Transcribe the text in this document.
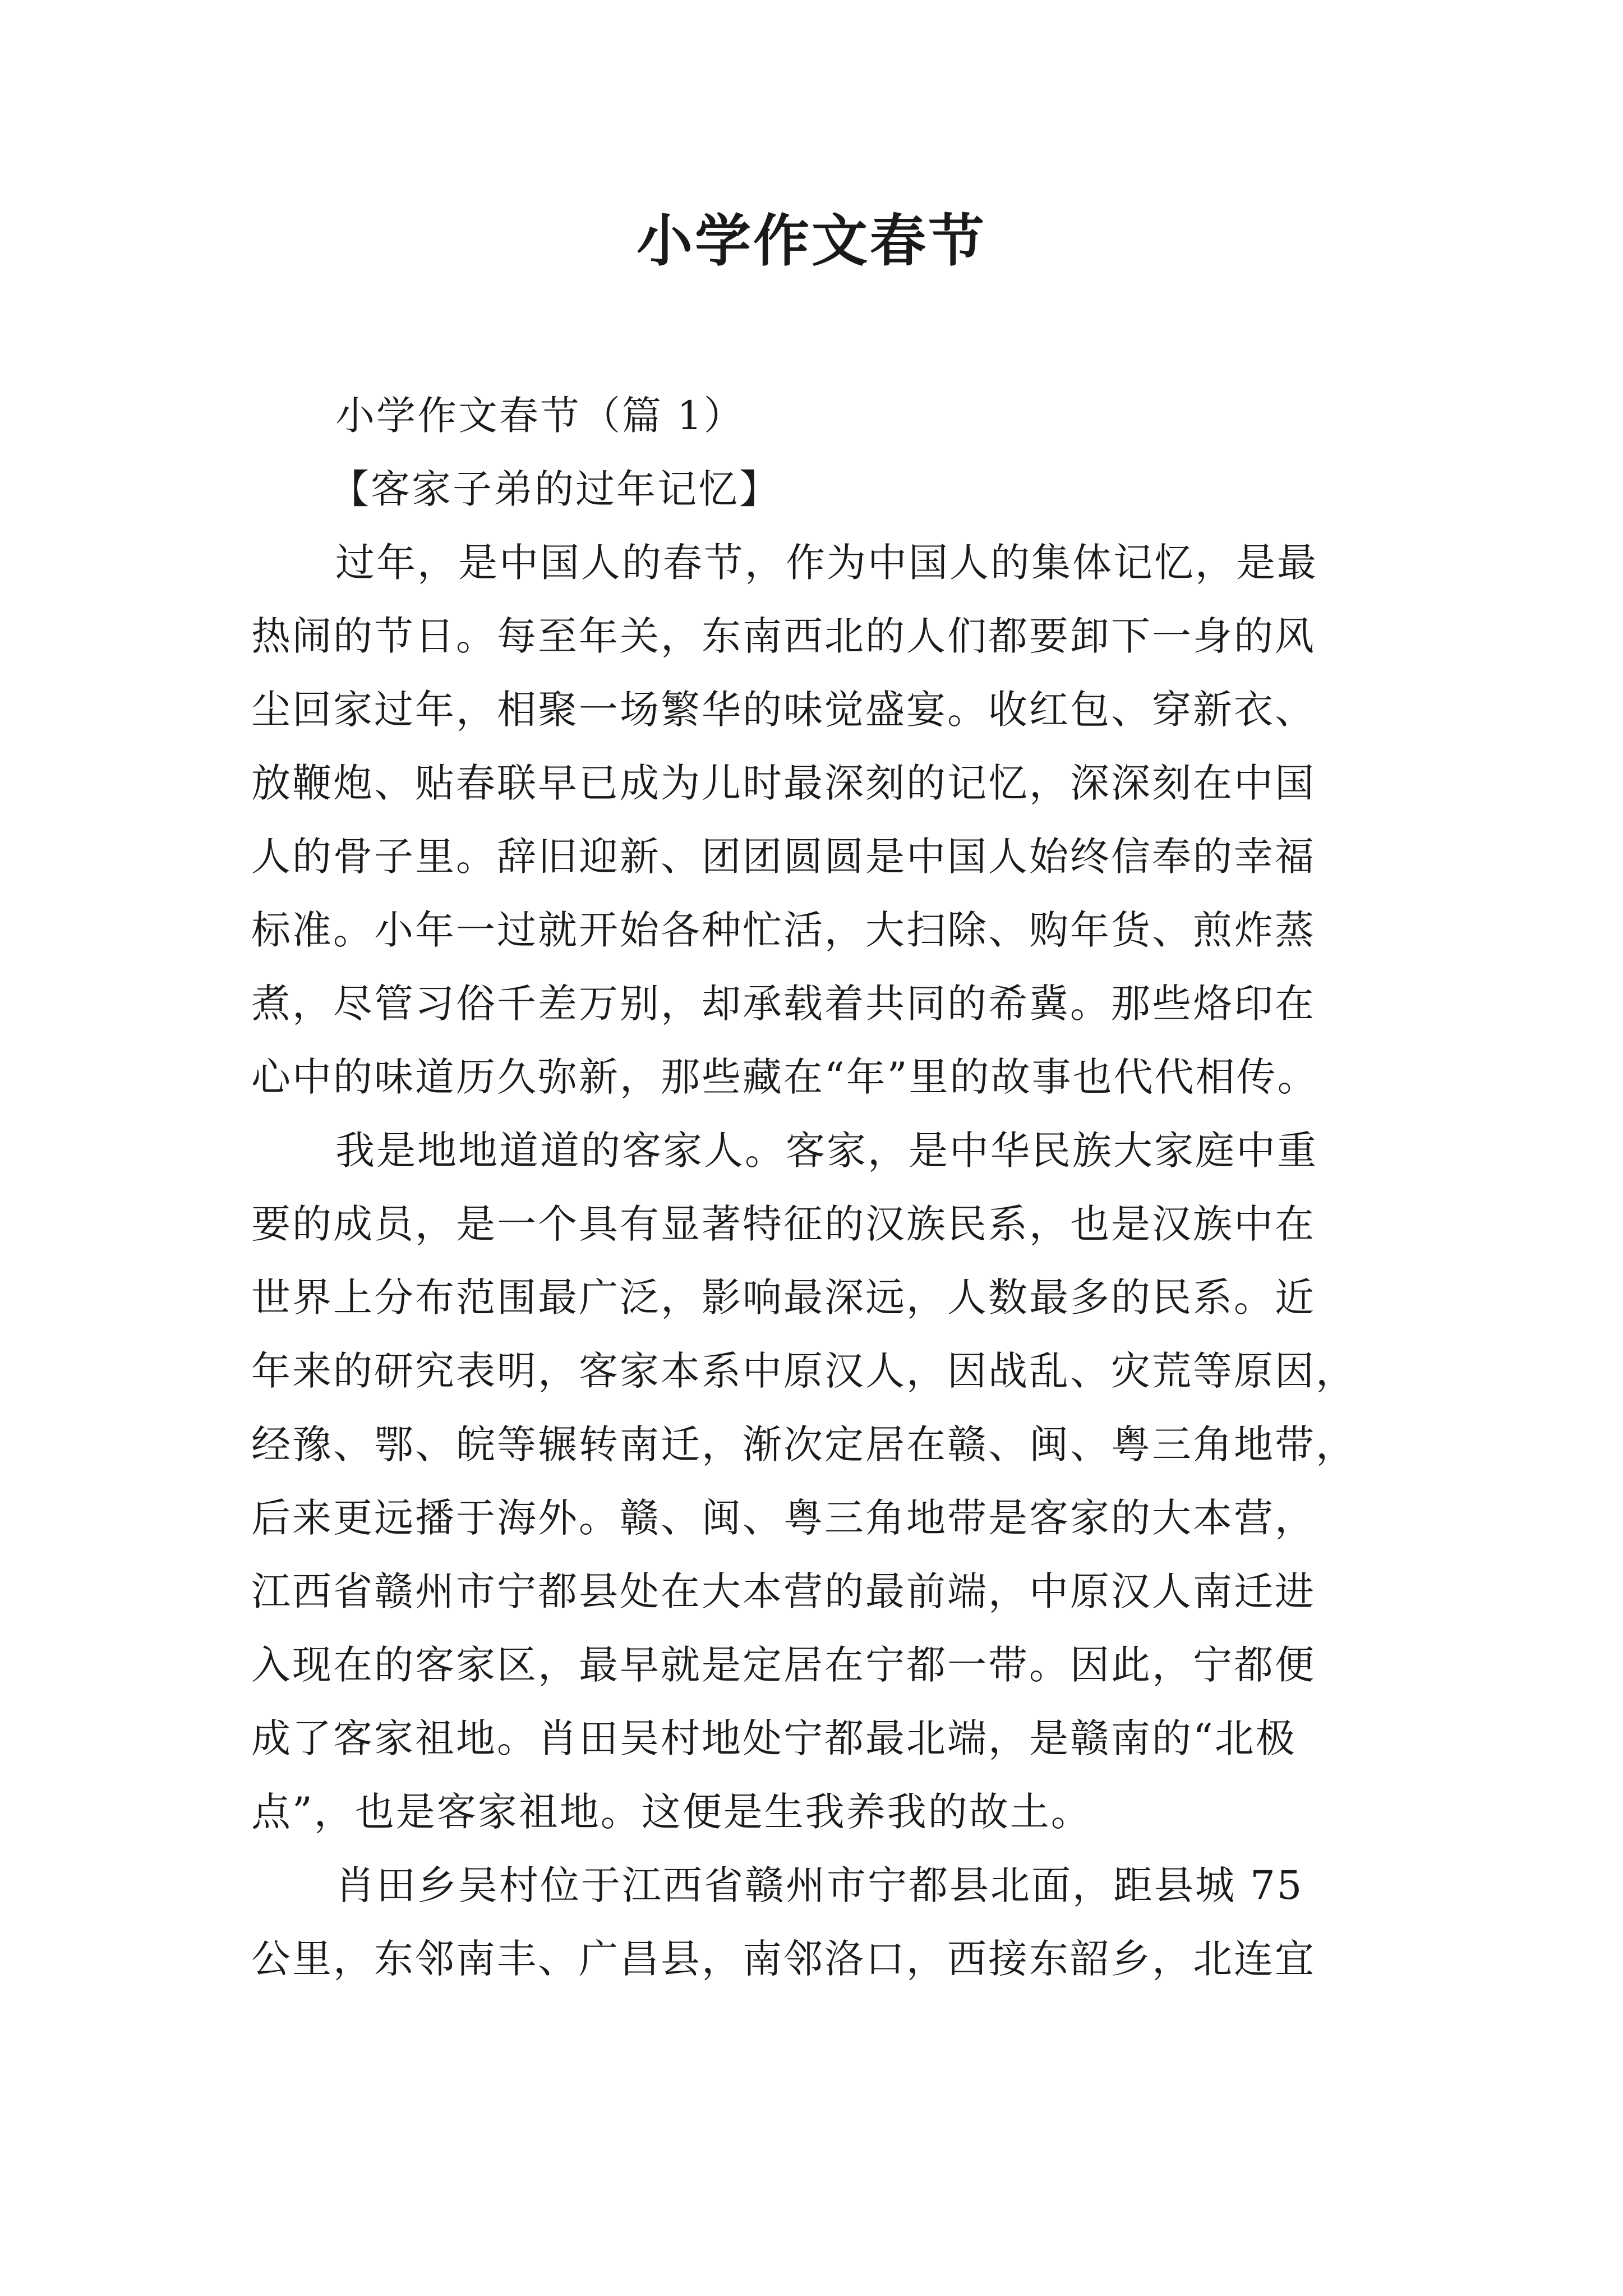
小学作文春节

小学作文春节（篇 1）

【客家子弟的过年记忆】

过年，是中国人的春节，作为中国人的集体记忆，是最
热闹的节日。每至年关，东南西北的人们都要卸下一身的风
尘回家过年，相聚一场繁华的味觉盛宴。收红包、穿新衣、
放鞭炮、贴春联早已成为儿时最深刻的记忆，深深刻在中国
人的骨子里。辞旧迎新、团团圆圆是中国人始终信奉的幸福
标准。小年一过就开始各种忙活，大扫除、购年货、煎炸蒸
煮，尽管习俗千差万别，却承载着共同的希冀。那些烙印在
心中的味道历久弥新，那些藏在“年”里的故事也代代相传。
我是地地道道的客家人。客家，是中华民族大家庭中重
要的成员，是一个具有显著特征的汉族民系，也是汉族中在
世界上分布范围最广泛，影响最深远，人数最多的民系。近
年来的研究表明，客家本系中原汉人，因战乱、灾荒等原因，
经豫、鄂、皖等辗转南迁，渐次定居在赣、闽、粤三角地带，
后来更远播于海外。赣、闽、粤三角地带是客家的大本营，
江西省赣州市宁都县处在大本营的最前端，中原汉人南迁进
入现在的客家区，最早就是定居在宁都一带。因此，宁都便
成了客家祖地。肖田吴村地处宁都最北端，是赣南的“北极
点”，也是客家祖地。这便是生我养我的故土。
肖田乡吴村位于江西省赣州市宁都县北面，距县城 75
公里，东邻南丰、广昌县，南邻洛口，西接东韶乡，北连宜
